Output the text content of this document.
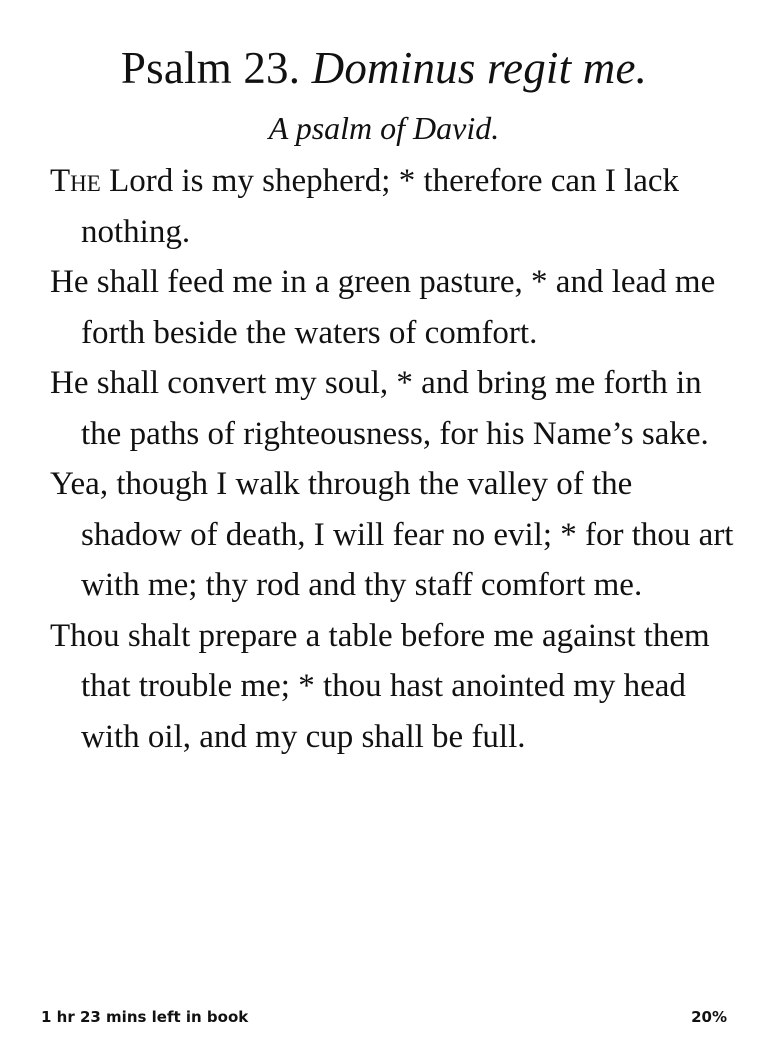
Psalm 23. Dominus regit me.
A psalm of David.

The Lord is my shepherd; * therefore can I lack nothing.

He shall feed me in a green pasture, * and lead me forth beside the waters of comfort.

He shall convert my soul, * and bring me forth in the paths of righteousness, for his Name’s sake.

Yea, though I walk through the valley of the shadow of death, I will fear no evil; * for thou art with me; thy rod and thy staff comfort me.

Thou shalt prepare a table before me against them that trouble me; * thou hast anointed my head with oil, and my cup shall be full.

1 hr 23 mins left in book	20%
